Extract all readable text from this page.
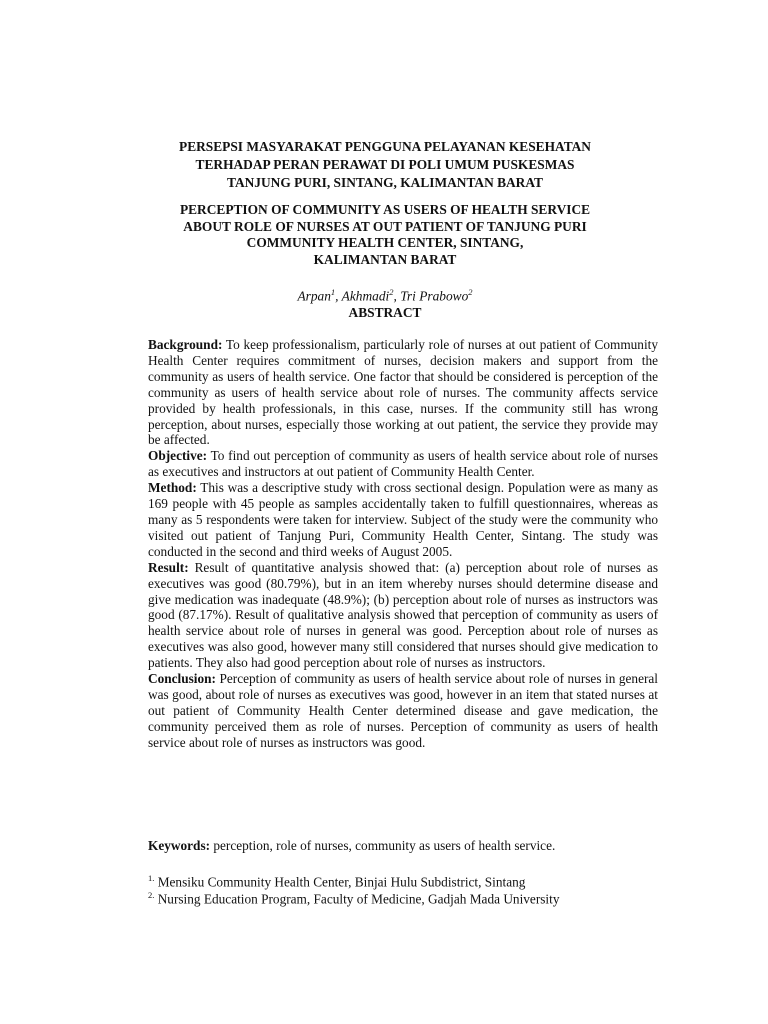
PERSEPSI MASYARAKAT PENGGUNA PELAYANAN KESEHATAN
TERHADAP PERAN PERAWAT DI POLI UMUM PUSKESMAS
TANJUNG PURI, SINTANG, KALIMANTAN BARAT
PERCEPTION OF COMMUNITY AS USERS OF HEALTH SERVICE
ABOUT ROLE OF NURSES AT OUT PATIENT OF TANJUNG PURI
COMMUNITY HEALTH CENTER, SINTANG,
KALIMANTAN BARAT
Arpan$^1$, Akhmadi$^2$, Tri Prabowo$^2$
ABSTRACT

Background: To keep professionalism, particularly role of nurses at out patient of Community Health Center requires commitment of nurses, decision makers and support from the community as users of health service. One factor that should be considered is perception of the community as users of health service about role of nurses. The community affects service provided by health professionals, in this case, nurses. If the community still has wrong perception, about nurses, especially those working at out patient, the service they provide may be affected.

Objective: To find out perception of community as users of health service about role of nurses as executives and instructors at out patient of Community Health Center.

Method: This was a descriptive study with cross sectional design. Population were as many as 169 people with 45 people as samples accidentally taken to fulfill questionnaires, whereas as many as 5 respondents were taken for interview. Subject of the study were the community who visited out patient of Tanjung Puri, Community Health Center, Sintang. The study was conducted in the second and third weeks of August 2005.

Result: Result of quantitative analysis showed that: (a) perception about role of nurses as executives was good (80.79%), but in an item whereby nurses should determine disease and give medication was inadequate (48.9%); (b) perception about role of nurses as instructors was good (87.17%). Result of qualitative analysis showed that perception of community as users of health service about role of nurses in general was good. Perception about role of nurses as executives was also good, however many still considered that nurses should give medication to patients. They also had good perception about role of nurses as instructors.

Conclusion: Perception of community as users of health service about role of nurses in general was good, about role of nurses as executives was good, however in an item that stated nurses at out patient of Community Health Center determined disease and gave medication, the community perceived them as role of nurses. Perception of community as users of health service about role of nurses as instructors was good.

Keywords: perception, role of nurses, community as users of health service.
$^{1.}$ Mensiku Community Health Center, Binjai Hulu Subdistrict, Sintang
$^{2.}$ Nursing Education Program, Faculty of Medicine, Gadjah Mada University
